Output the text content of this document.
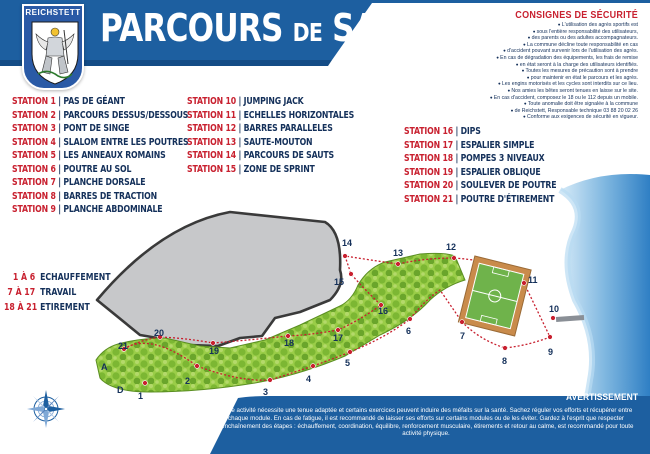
REICHSTETT PARCOURS DE SANTÉ	CONSIGNES DE SÉCURITÉ
● L'utilisation des agrès sportifs est
● sous l'entière responsabilité des utilisateurs,
● des parents ou des adultes accompagnateurs.
● La commune décline toute responsabilité en cas
● d'accident pouvant survenir lors de l'utilisation des agrès.
● En cas de dégradation des équipements, les frais de remise
● en état seront à la charge des utilisateurs identifiés.
● Toutes les mesures de précaution sont à prendre
● pour maintenir en état le parcours et les agrès.
● Les engins motorisés et les cycles sont interdits sur ce lieu.
● Nos amies les bêtes seront tenues en laisse sur le site.
● En cas d'accident, composez le 18 ou le 112 depuis un mobile.
● Toute anomalie doit être signalée à la commune
● de Reichstett, Responsable technique 03 88 20 02 26
● Conforme aux exigences de sécurité en vigueur.
STATION 1 | PAS DE GÉANT
STATION 2 | PARCOURS DESSUS/DESSOUS
STATION 3 | PONT DE SINGE
STATION 4 | SLALOM ENTRE LES POUTRES
STATION 5 | LES ANNEAUX ROMAINS
STATION 6 | POUTRE AU SOL
STATION 7 | PLANCHE DORSALE
STATION 8 | BARRES DE TRACTION
STATION 9 | PLANCHE ABDOMINALE
STATION 10 | JUMPING JACK
STATION 11 | ECHELLES HORIZONTALES
STATION 12 | BARRES PARALLELES
STATION 13 | SAUTE-MOUTON
STATION 14 | PARCOURS DE SAUTS
STATION 15 | ZONE DE SPRINT
STATION 16 | DIPS
STATION 17 | ESPALIER SIMPLE
STATION 18 | POMPES 3 NIVEAUX
STATION 19 | ESPALIER OBLIQUE
STATION 20 | SOULEVER DE POUTRE
STATION 21 | POUTRE D'ÉTIREMENT
1 À 6 ECHAUFFEMENT
7 À 17 TRAVAIL
18 À 21 ETIREMENT
1
2
3
4
5
6	7
8
9
10
11
12
13
14
15
16
17
18
19
20
21
A
D
AVERTISSEMENT
Toute activité nécessite une tenue adaptée et certains exercices peuvent induire des méfaits sur la santé. Sachez réguler vos efforts et récupérer entre chaque module. En cas de fatigue, il est recommandé de laisser ses efforts sur certains modules ou de les éviter. Gardez à l'esprit que respecter l'enchaînement des étapes : échauffement, coordination, équilibre, renforcement musculaire, étirements et retour au calme, est recommandé pour toute activité physique.
